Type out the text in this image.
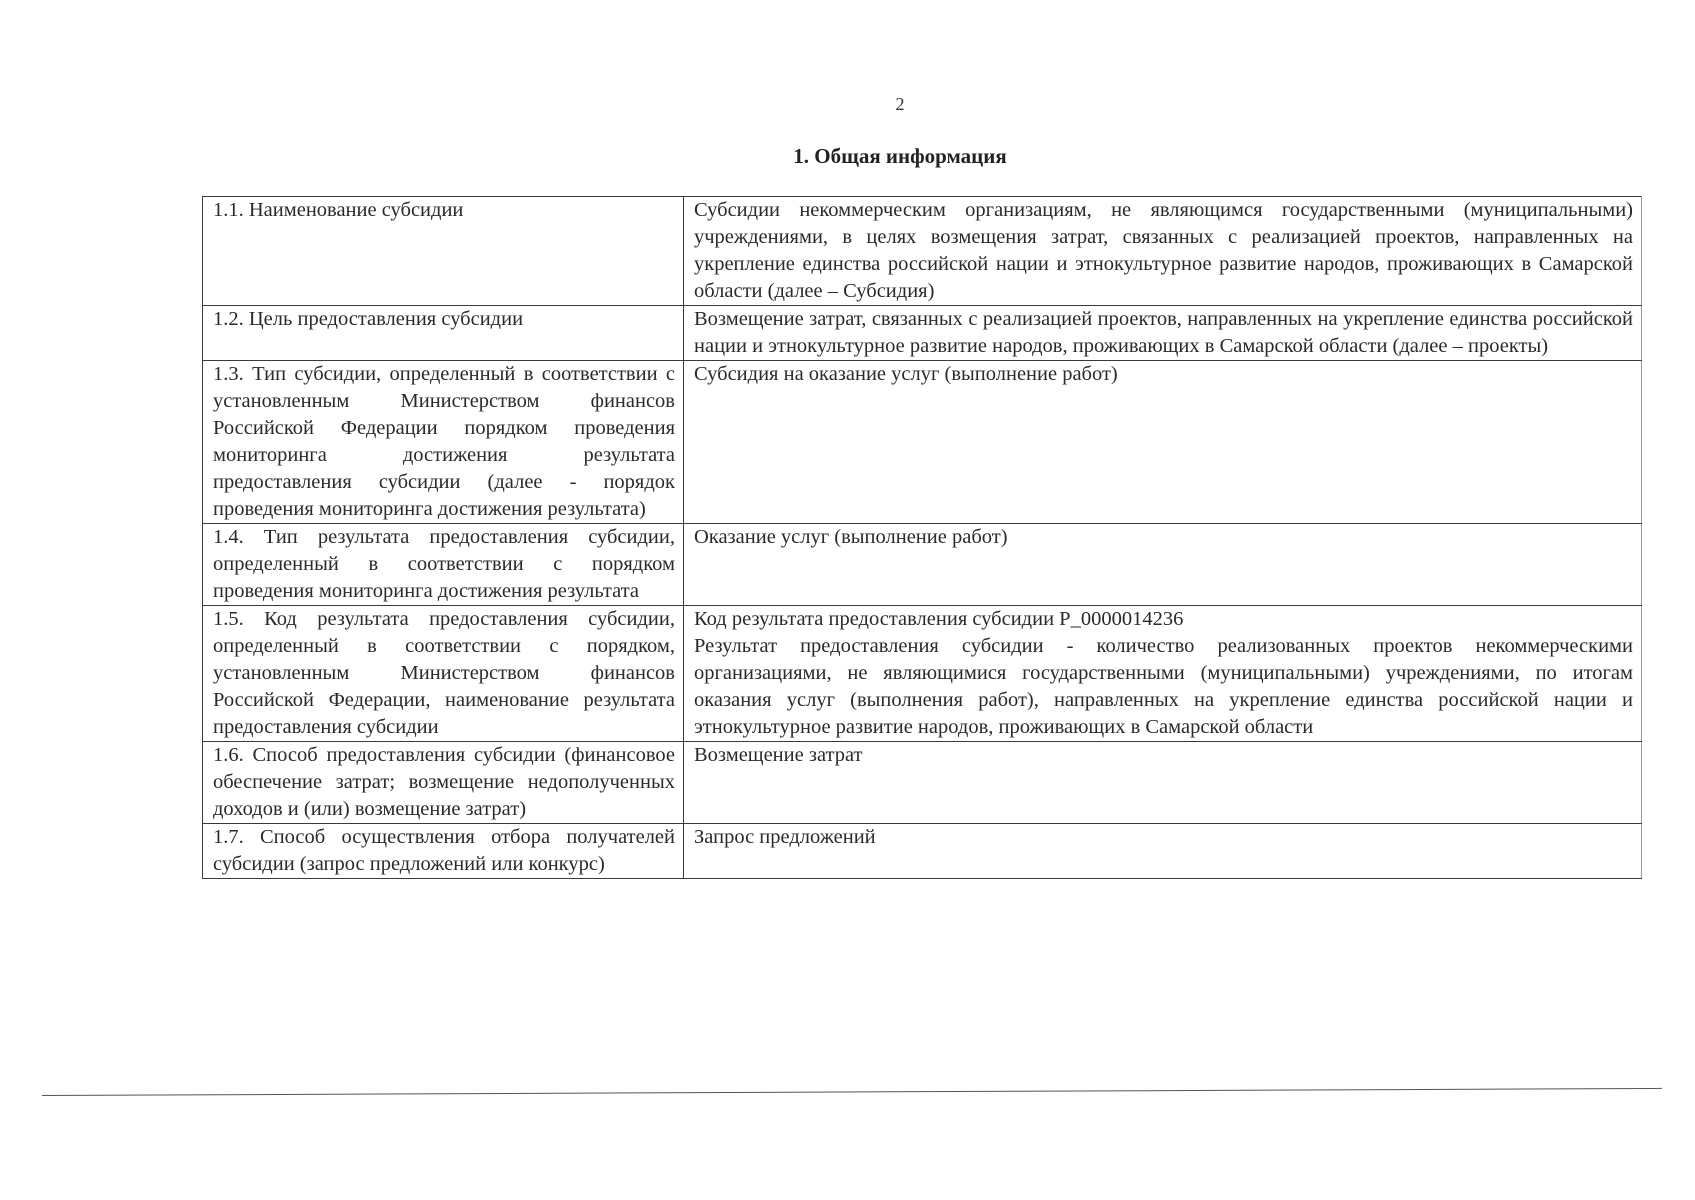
2
1. Общая информация
1.1. Наименование субсидии	Субсидии некоммерческим организациям, не являющимся государственными (муниципальными) учреждениями, в целях возмещения затрат, связанных с реализацией проектов, направленных на укрепление единства российской нации и этнокультурное развитие народов, проживающих в Самарской области (далее – Субсидия)

1.2. Цель предоставления субсидии	Возмещение затрат, связанных с реализацией проектов, направленных на укрепление единства российской нации и этнокультурное развитие народов, проживающих в Самарской области (далее – проекты)

1.3. Тип субсидии, определенный в соответствии с установленным Министерством финансов Российской Федерации порядком проведения мониторинга достижения результата предоставления субсидии (далее - порядок проведения мониторинга достижения результата)	Субсидия на оказание услуг (выполнение работ)

1.4. Тип результата предоставления субсидии, определенный в соответствии с порядком проведения мониторинга достижения результата	Оказание услуг (выполнение работ)

1.5. Код результата предоставления субсидии, определенный в соответствии с порядком, установленным Министерством финансов Российской Федерации, наименование результата предоставления субсидии	Код результата предоставления субсидии Р_0000014236

Результат предоставления субсидии - количество реализованных проектов некоммерческими организациями, не являющимися государственными (муниципальными) учреждениями, по итогам оказания услуг (выполнения работ), направленных на укрепление единства российской нации и этнокультурное развитие народов, проживающих в Самарской области

1.6. Способ предоставления субсидии (финансовое обеспечение затрат; возмещение недополученных доходов и (или) возмещение затрат)	Возмещение затрат

1.7. Способ осуществления отбора получателей субсидии (запрос предложений или конкурс)	Запрос предложений
